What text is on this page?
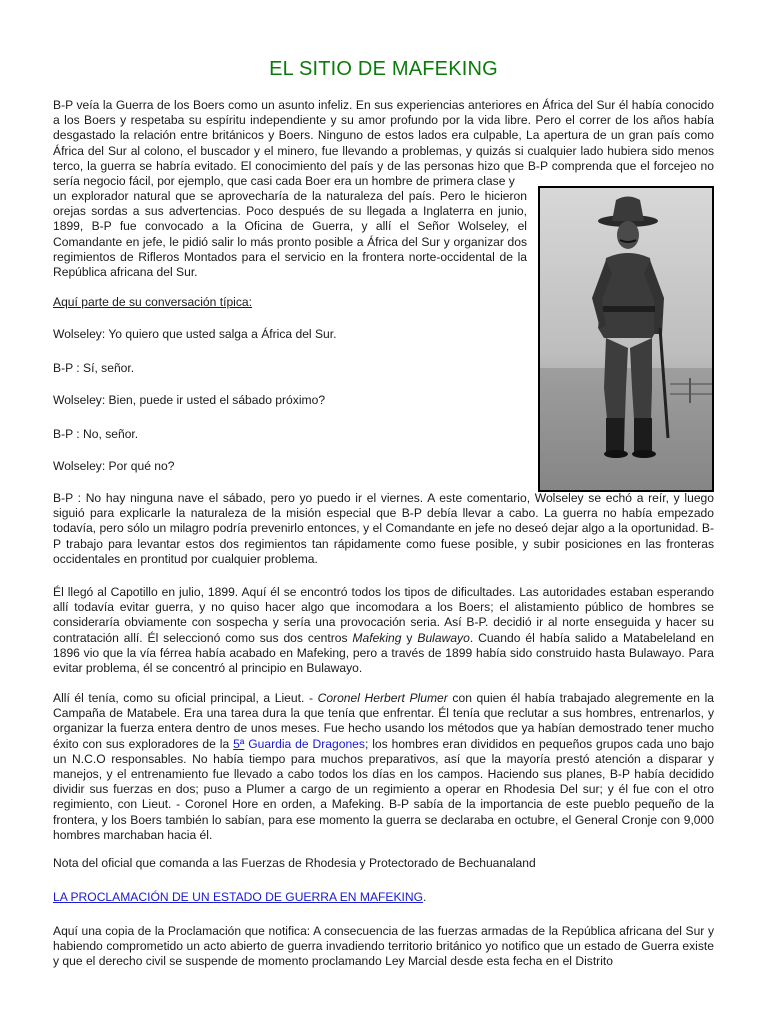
EL SITIO DE MAFEKING

B-P veía la Guerra de los Boers como un asunto infeliz. En sus experiencias anteriores en África del Sur él había conocido a los Boers y respetaba su espíritu independiente y su amor profundo por la vida libre. Pero el correr de los años había desgastado la relación entre británicos y Boers. Ninguno de estos lados era culpable, La apertura de un gran país como África del Sur al colono, el buscador y el minero, fue llevando a problemas, y quizás si cualquier lado hubiera sido menos terco, la guerra se habría evitado. El conocimiento del país y de las personas hizo que B-P comprenda que el forcejeo no sería negocio fácil, por ejemplo, que casi cada Boer era un hombre de primera clase y

un explorador natural que se aprovecharía de la naturaleza del país. Pero le hicieron orejas sordas a sus advertencias. Poco después de su llegada a Inglaterra en junio, 1899, B-P fue convocado a la Oficina de Guerra, y allí el Señor Wolseley, el Comandante en jefe, le pidió salir lo más pronto posible a África del Sur y organizar dos regimientos de Rifleros Montados para el servicio en la frontera norte-occidental de la República africana del Sur.

Aquí parte de su conversación típica:

Wolseley: Yo quiero que usted salga a África del Sur.

B-P : Sí, señor.

Wolseley: Bien, puede ir usted el sábado próximo?

B-P : No, señor.

Wolseley: Por qué no?

B-P : No hay ninguna nave el sábado, pero yo puedo ir el viernes. A este comentario, Wolseley se echó a reír, y luego siguió para explicarle la naturaleza de la misión especial que B-P debía llevar a cabo. La guerra no había empezado todavía, pero sólo un milagro podría prevenirlo entonces, y el Comandante en jefe no deseó dejar algo a la oportunidad. B-P trabajo para levantar estos dos regimientos tan rápidamente como fuese posible, y subir posiciones en las fronteras occidentales en prontitud por cualquier problema.

Él llegó al Capotillo en julio, 1899. Aquí él se encontró todos los tipos de dificultades. Las autoridades estaban esperando allí todavía evitar guerra, y no quiso hacer algo que incomodara a los Boers; el alistamiento público de hombres se consideraría obviamente con sospecha y sería una provocación seria. Así B-P. decidió ir al norte enseguida y hacer su contratación allí. Él seleccionó como sus dos centros Mafeking y Bulawayo. Cuando él había salido a Matabeleland en 1896 vio que la vía férrea había acabado en Mafeking, pero a través de 1899 había sido construido hasta Bulawayo. Para evitar problema, él se concentró al principio en Bulawayo.

Allí él tenía, como su oficial principal, a Lieut. - Coronel Herbert Plumer con quien él había trabajado alegremente en la Campaña de Matabele. Era una tarea dura la que tenía que enfrentar. Él tenía que reclutar a sus hombres, entrenarlos, y organizar la fuerza entera dentro de unos meses. Fue hecho usando los métodos que ya habían demostrado tener mucho éxito con sus exploradores de la 5ª Guardia de Dragones; los hombres eran divididos en pequeños grupos cada uno bajo un N.C.O responsables. No había tiempo para muchos preparativos, así que la mayoría prestó atención a disparar y manejos, y el entrenamiento fue llevado a cabo todos los días en los campos. Haciendo sus planes, B-P había decidido dividir sus fuerzas en dos; puso a Plumer a cargo de un regimiento a operar en Rhodesia Del sur; y él fue con el otro regimiento, con Lieut. - Coronel Hore en orden, a Mafeking. B-P sabía de la importancia de este pueblo pequeño de la frontera, y los Boers también lo sabían, para ese momento la guerra se declaraba en octubre, el General Cronje con 9,000 hombres marchaban hacia él.

Nota del oficial que comanda a las Fuerzas de Rhodesia y Protectorado de Bechuanaland

LA PROCLAMACIÓN DE UN ESTADO DE GUERRA EN MAFEKING.

Aquí una copia de la Proclamación que notifica: A consecuencia de las fuerzas armadas de la República africana del Sur y habiendo comprometido un acto abierto de guerra invadiendo territorio británico yo notifico que un estado de Guerra existe y que el derecho civil se suspende de momento proclamando Ley Marcial desde esta fecha en el Distrito
